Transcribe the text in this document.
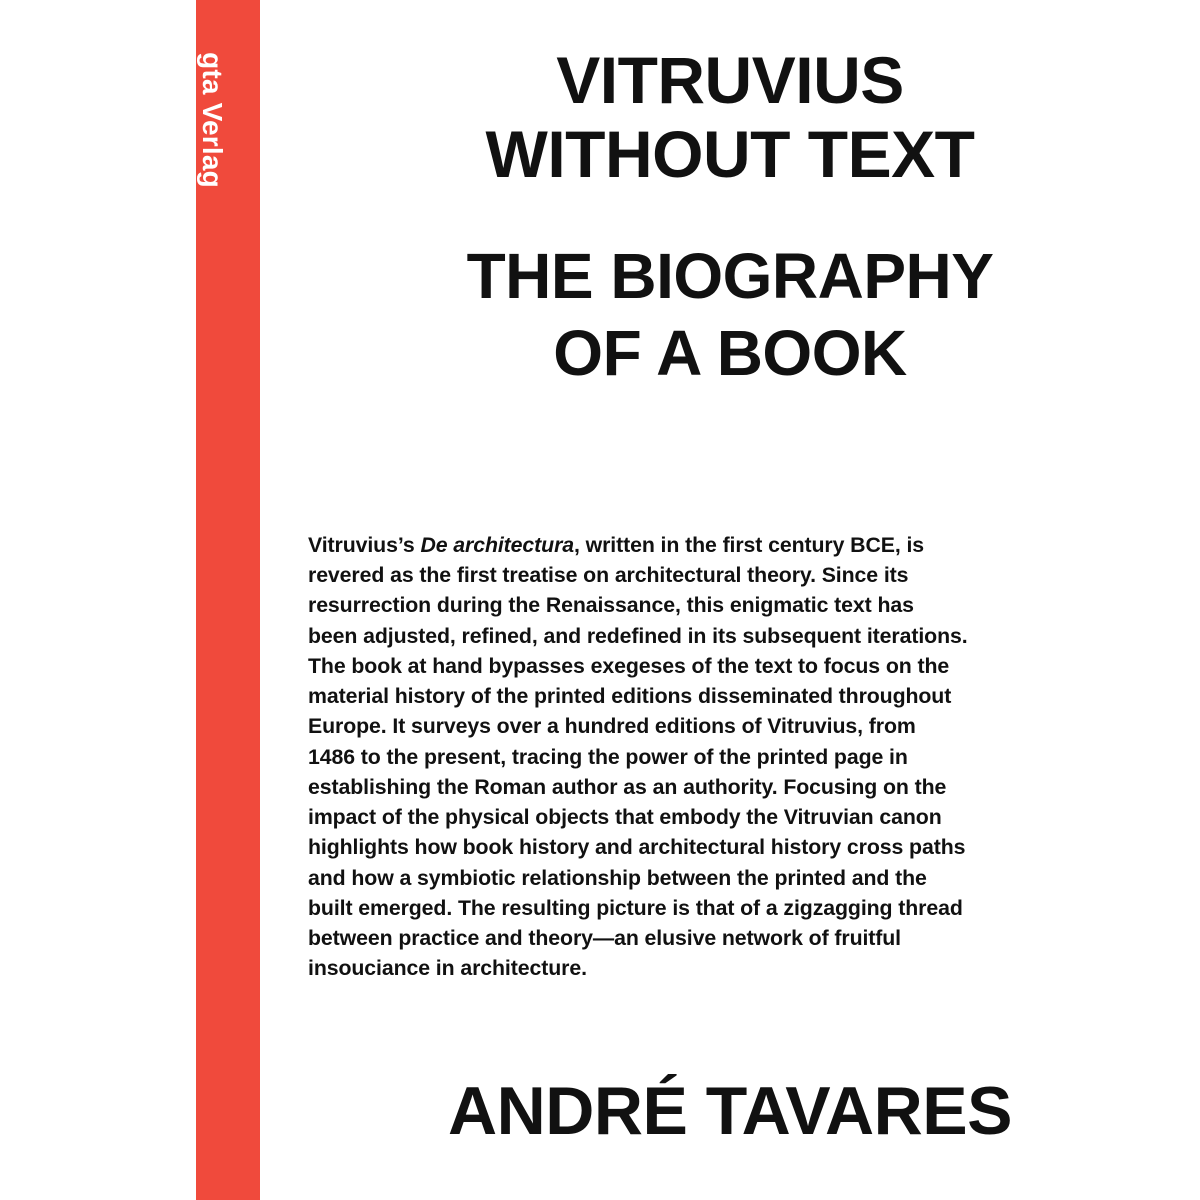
gta Verlag	VITRUVIUS
WITHOUT TEXT
THE BIOGRAPHY
OF A BOOK
Vitruvius’s De architectura, written in the first century BCE, is revered as the first treatise on architectural theory. Since its resurrection during the Renaissance, this enigmatic text has been adjusted, refined, and redefined in its subsequent iterations. The book at hand bypasses exegeses of the text to focus on the material history of the printed editions disseminated throughout Europe. It surveys over a hundred editions of Vitruvius, from 1486 to the present, tracing the power of the printed page in establishing the Roman author as an authority. Focusing on the impact of the physical objects that embody the Vitruvian canon highlights how book history and architectural history cross paths and how a symbiotic relationship between the printed and the built emerged. The resulting picture is that of a zigzagging thread between practice and theory—an elusive network of fruitful insouciance in architecture.
ANDRÉ TAVARES
